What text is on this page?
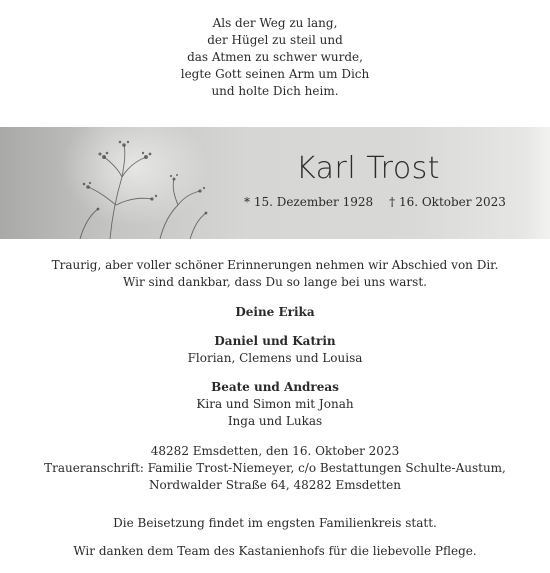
Als der Weg zu lang,
der Hügel zu steil und
das Atmen zu schwer wurde,
legte Gott seinen Arm um Dich
und holte Dich heim.
Karl Trost
* 15. Dezember 1928 † 16. Oktober 2023
Traurig, aber voller schöner Erinnerungen nehmen wir Abschied von Dir.
Wir sind dankbar, dass Du so lange bei uns warst.
Deine Erika
Daniel und Katrin
Florian, Clemens und Louisa
Beate und Andreas
Kira und Simon mit Jonah
Inga und Lukas
48282 Emsdetten, den 16. Oktober 2023
Traueranschrift: Familie Trost-Niemeyer, c/o Bestattungen Schulte-Austum,
Nordwalder Straße 64, 48282 Emsdetten
Die Beisetzung findet im engsten Familienkreis statt.
Wir danken dem Team des Kastanienhofs für die liebevolle Pflege.
